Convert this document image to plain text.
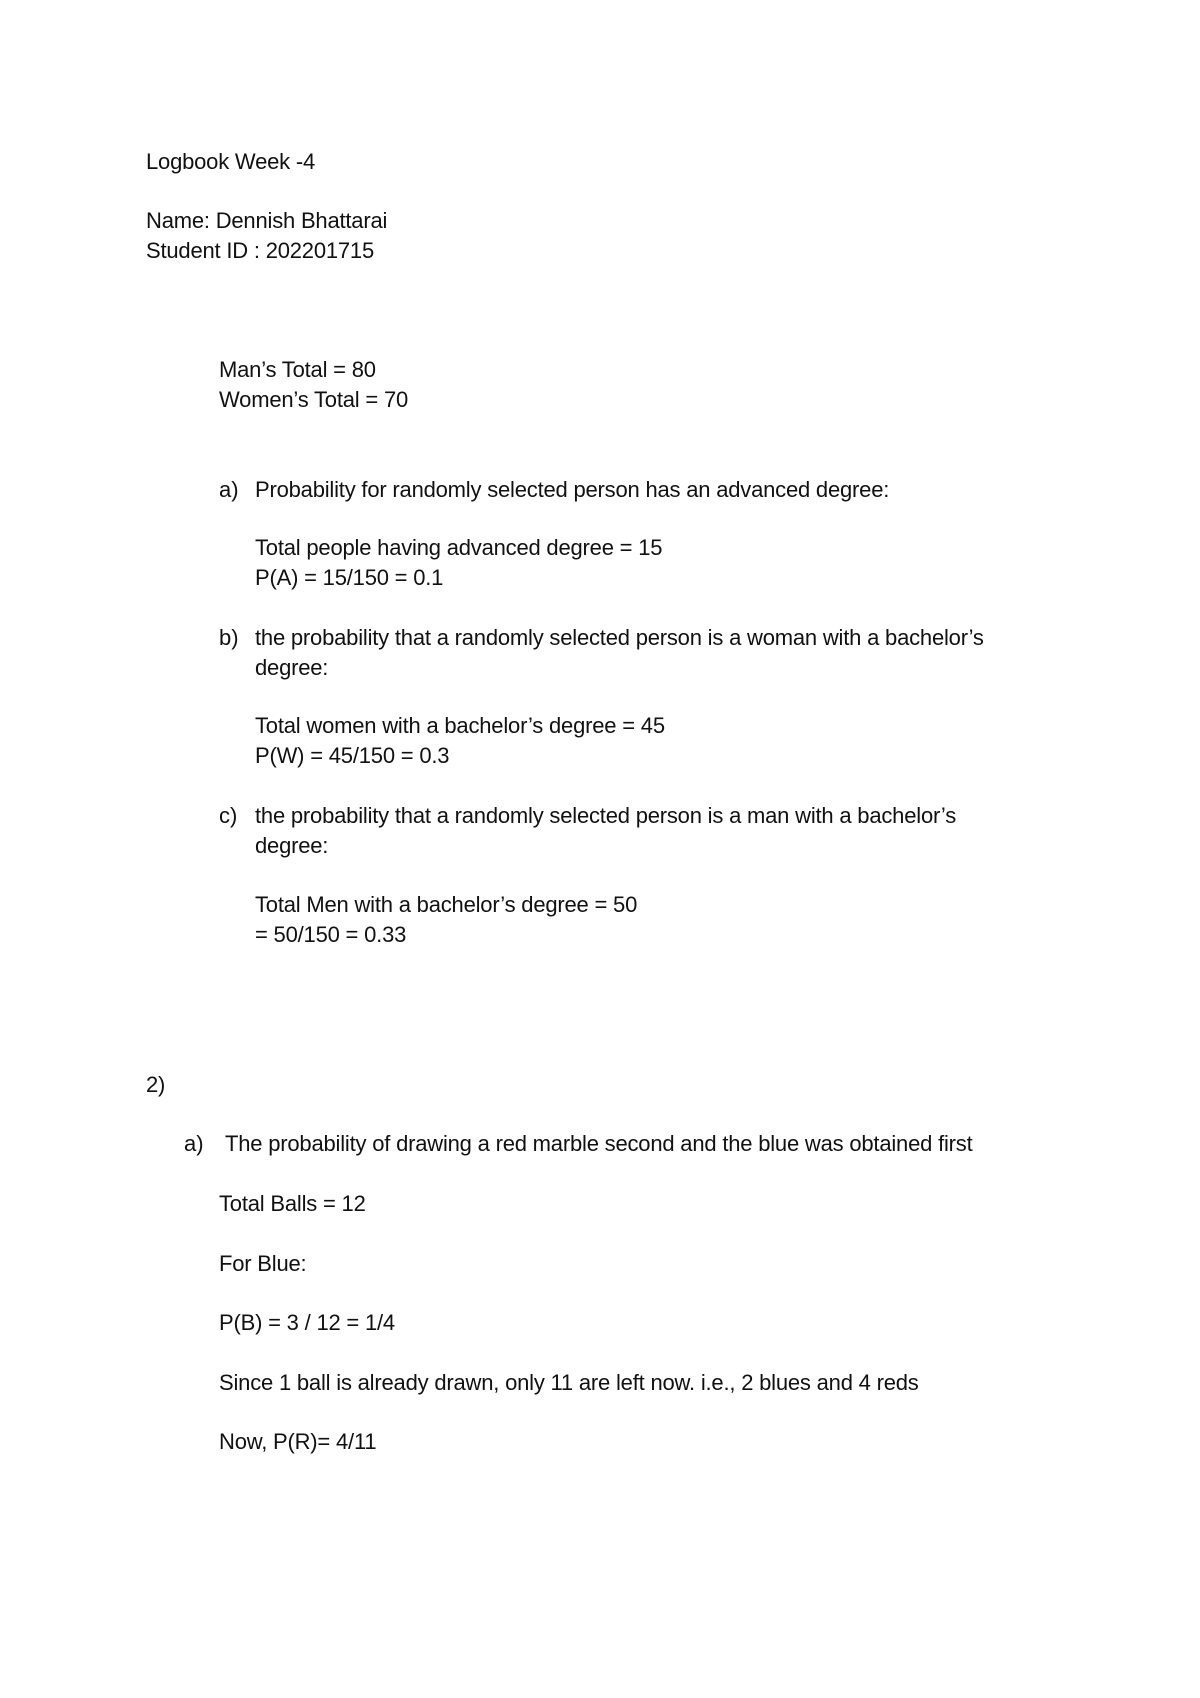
Logbook Week -4
Name: Dennish Bhattarai
Student ID : 202201715
Man’s Total = 80
Women’s Total = 70
a) Probability for randomly selected person has an advanced degree:
Total people having advanced degree = 15
P(A) = 15/150 = 0.1
b) the probability that a randomly selected person is a woman with a bachelor’s
degree:
Total women with a bachelor’s degree = 45
P(W) = 45/150 = 0.3
c) the probability that a randomly selected person is a man with a bachelor’s
degree:
Total Men with a bachelor’s degree = 50
= 50/150 = 0.33
2)
a) The probability of drawing a red marble second and the blue was obtained first
Total Balls = 12
For Blue:
P(B) = 3 / 12 = 1/4
Since 1 ball is already drawn, only 11 are left now. i.e., 2 blues and 4 reds
Now, P(R)= 4/11
